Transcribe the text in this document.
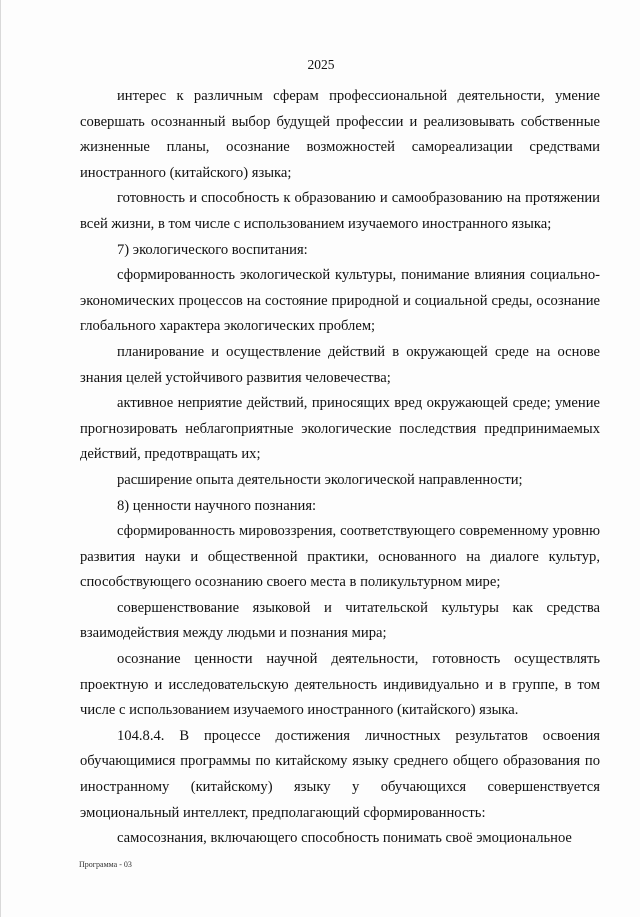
2025

интерес к различным сферам профессиональной деятельности, умение совершать осознанный выбор будущей профессии и реализовывать собственные жизненные планы, осознание возможностей самореализации средствами иностранного (китайского) языка;

готовность и способность к образованию и самообразованию на протяжении всей жизни, в том числе с использованием изучаемого иностранного языка;

7) экологического воспитания:

сформированность экологической культуры, понимание влияния социально-экономических процессов на состояние природной и социальной среды, осознание глобального характера экологических проблем;

планирование и осуществление действий в окружающей среде на основе знания целей устойчивого развития человечества;

активное неприятие действий, приносящих вред окружающей среде; умение прогнозировать неблагоприятные экологические последствия предпринимаемых действий, предотвращать их;

расширение опыта деятельности экологической направленности;

8) ценности научного познания:

сформированность мировоззрения, соответствующего современному уровню развития науки и общественной практики, основанного на диалоге культур, способствующего осознанию своего места в поликультурном мире;

совершенствование языковой и читательской культуры как средства взаимодействия между людьми и познания мира;

осознание ценности научной деятельности, готовность осуществлять проектную и исследовательскую деятельность индивидуально и в группе, в том числе с использованием изучаемого иностранного (китайского) языка.

104.8.4. В процессе достижения личностных результатов освоения обучающимися программы по китайскому языку среднего общего образования по иностранному (китайскому) языку у обучающихся совершенствуется эмоциональный интеллект, предполагающий сформированность:

самосознания, включающего способность понимать своё эмоциональное

Программа - 03
